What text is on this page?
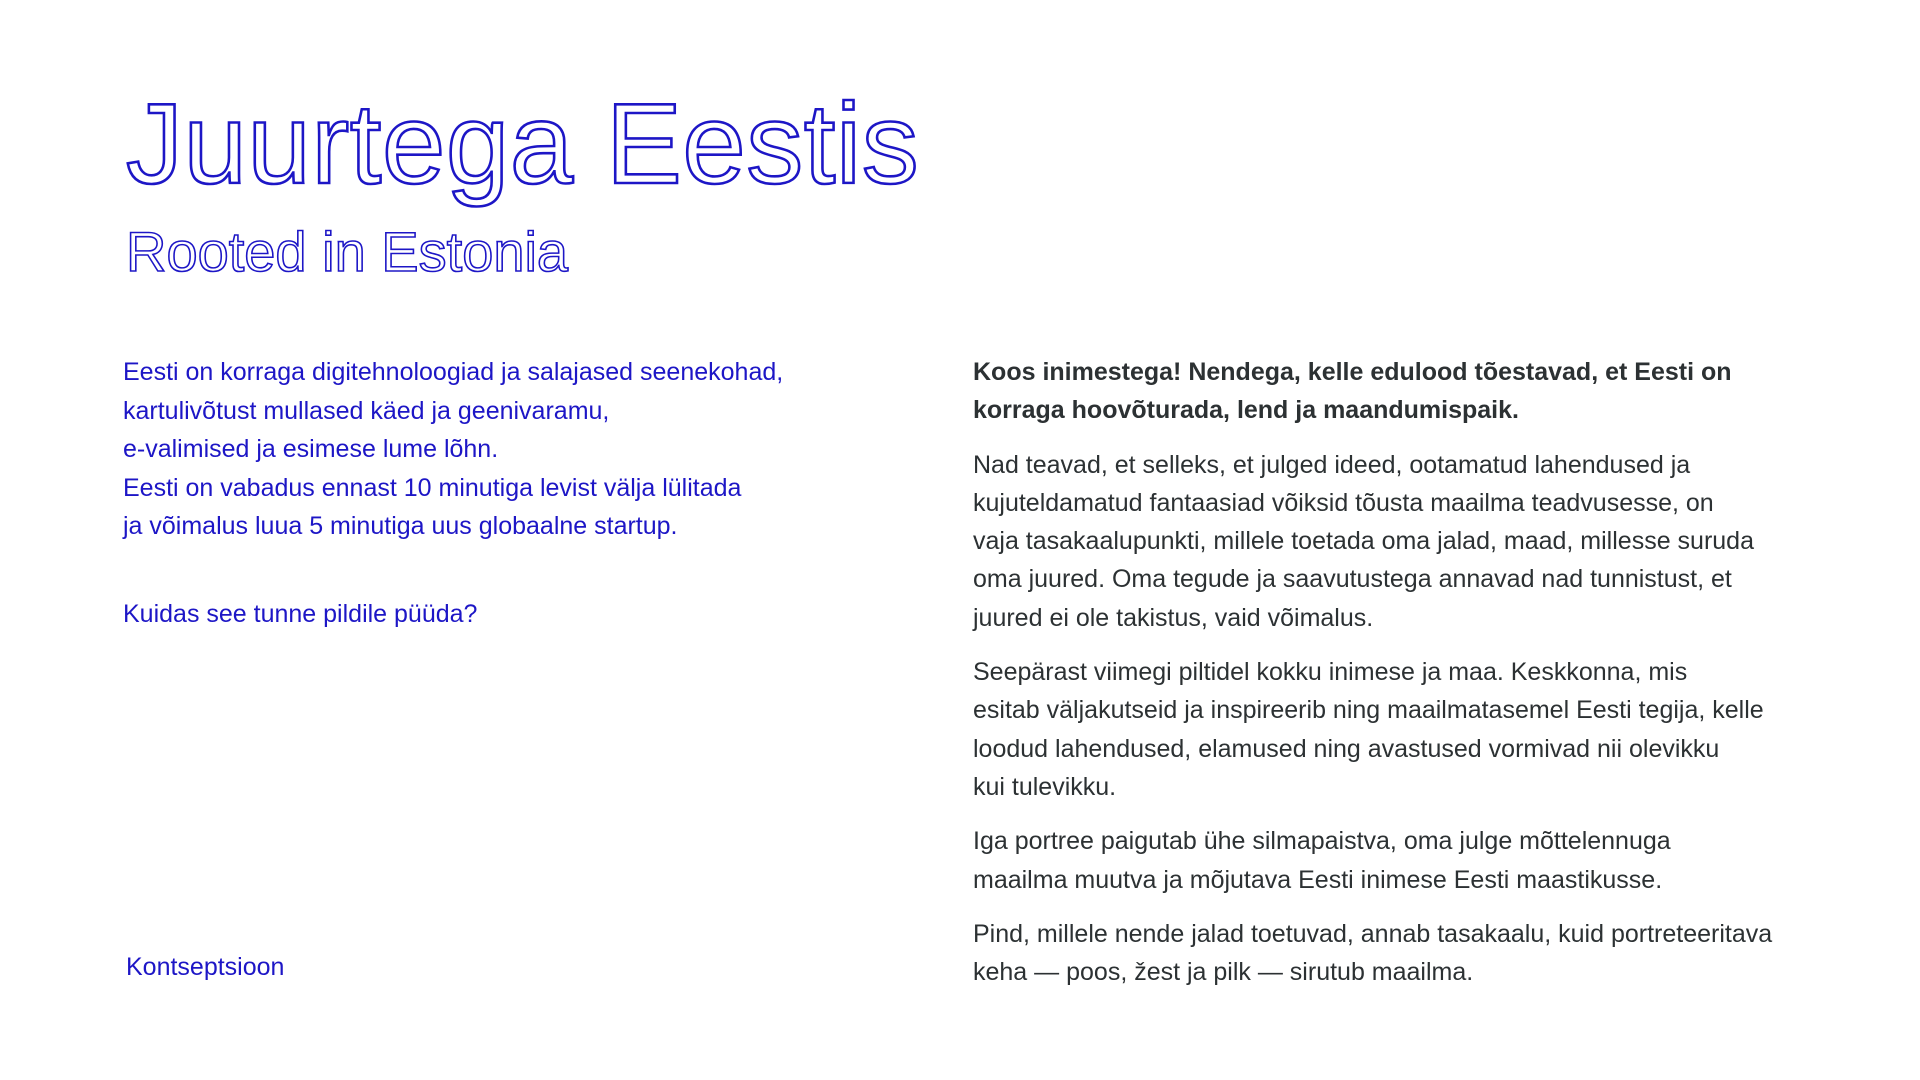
Juurtega Eestis
Rooted in Estonia
Eesti on korraga digitehnoloogiad ja salajased seenekohad,
kartulivõtust mullased käed ja geenivaramu,
e-valimised ja esimese lume lõhn.
Eesti on vabadus ennast 10 minutiga levist välja lülitada
ja võimalus luua 5 minutiga uus globaalne startup.

Kuidas see tunne pildile püüda?

Kontseptsioon

Koos inimestega! Nendega, kelle edulood tõestavad, et Eesti on
korraga hoovõturada, lend ja maandumispaik.

Nad teavad, et selleks, et julged ideed, ootamatud lahendused ja
kujuteldamatud fantaasiad võiksid tõusta maailma teadvusesse, on
vaja tasakaalupunkti, millele toetada oma jalad, maad, millesse suruda
oma juured. Oma tegude ja saavutustega annavad nad tunnistust, et
juured ei ole takistus, vaid võimalus.

Seepärast viimegi piltidel kokku inimese ja maa. Keskkonna, mis
esitab väljakutseid ja inspireerib ning maailmatasemel Eesti tegija, kelle
loodud lahendused, elamused ning avastused vormivad nii olevikku
kui tulevikku.

Iga portree paigutab ühe silmapaistva, oma julge mõttelennuga
maailma muutva ja mõjutava Eesti inimese Eesti maastikusse.

Pind, millele nende jalad toetuvad, annab tasakaalu, kuid portreteeritava
keha — poos, žest ja pilk — sirutub maailma.
